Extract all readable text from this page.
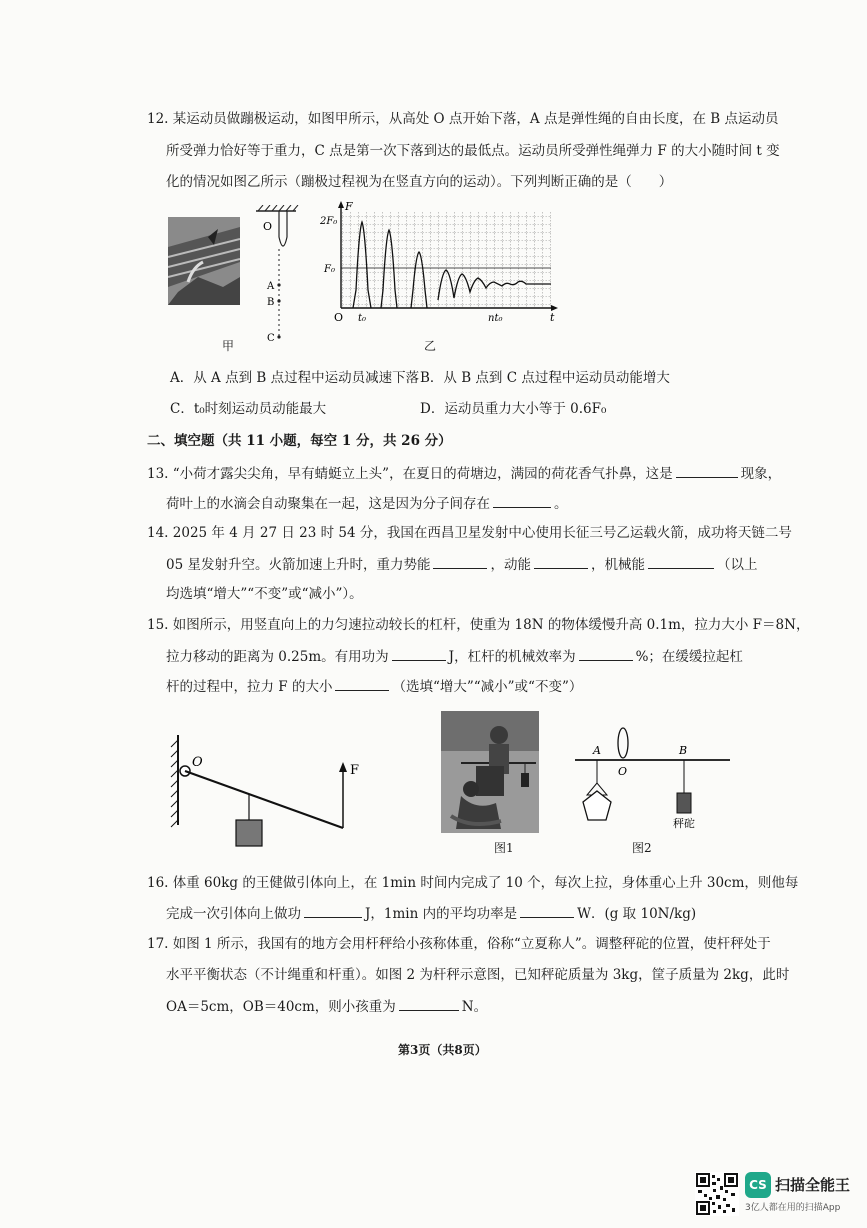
12. 某运动员做蹦极运动，如图甲所示，从高处 O 点开始下落，A 点是弹性绳的自由长度，在 B 点运动员
所受弹力恰好等于重力，C 点是第一次下落到达的最低点。运动员所受弹性绳弹力 F 的大小随时间 t 变
化的情况如图乙所示（蹦极过程视为在竖直方向的运动）。下列判断正确的是（　　）
O
A
B
C
甲
F
2F₀
F₀
O t₀	nt₀	t
乙
A．从 A 点到 B 点过程中运动员减速下落 B．从 B 点到 C 点过程中运动员动能增大
C．t₀时刻运动员动能最大	D．运动员重力大小等于 0.6F₀
二、填空题（共 11 小题，每空 1 分，共 26 分）
13. “小荷才露尖尖角，早有蜻蜓立上头”，在夏日的荷塘边，满园的荷花香气扑鼻，这是	现象，
荷叶上的水滴会自动聚集在一起，这是因为分子间存在	。
14. 2025 年 4 月 27 日 23 时 54 分，我国在西昌卫星发射中心使用长征三号乙运载火箭，成功将天链二号
05 星发射升空。火箭加速上升时，重力势能	，动能	，机械能	（以上
均选填“增大”“不变”或“减小”）。
15. 如图所示，用竖直向上的力匀速拉动较长的杠杆，使重为 18N 的物体缓慢升高 0.1m，拉力大小 F＝8N，
拉力移动的距离为 0.25m。有用功为	J，杠杆的机械效率为	%；在缓缓拉起杠
杆的过程中，拉力 F 的大小	（选填“增大”“减小”或“不变”）
O
F
图1
A	B
O
秤砣
图2
16. 体重 60kg 的王健做引体向上，在 1min 时间内完成了 10 个，每次上拉，身体重心上升 30cm，则他每
完成一次引体向上做功	J，1min 内的平均功率是	W．(g 取 10N/kg)
17. 如图 1 所示，我国有的地方会用杆秤给小孩称体重，俗称“立夏称人”。调整秤砣的位置，使杆秤处于
水平平衡状态（不计绳重和杆重）。如图 2 为杆秤示意图，已知秤砣质量为 3kg，筐子质量为 2kg，此时
OA＝5cm，OB＝40cm，则小孩重为	N。
第3页（共8页）
CS 扫描全能王
3亿人都在用的扫描App
